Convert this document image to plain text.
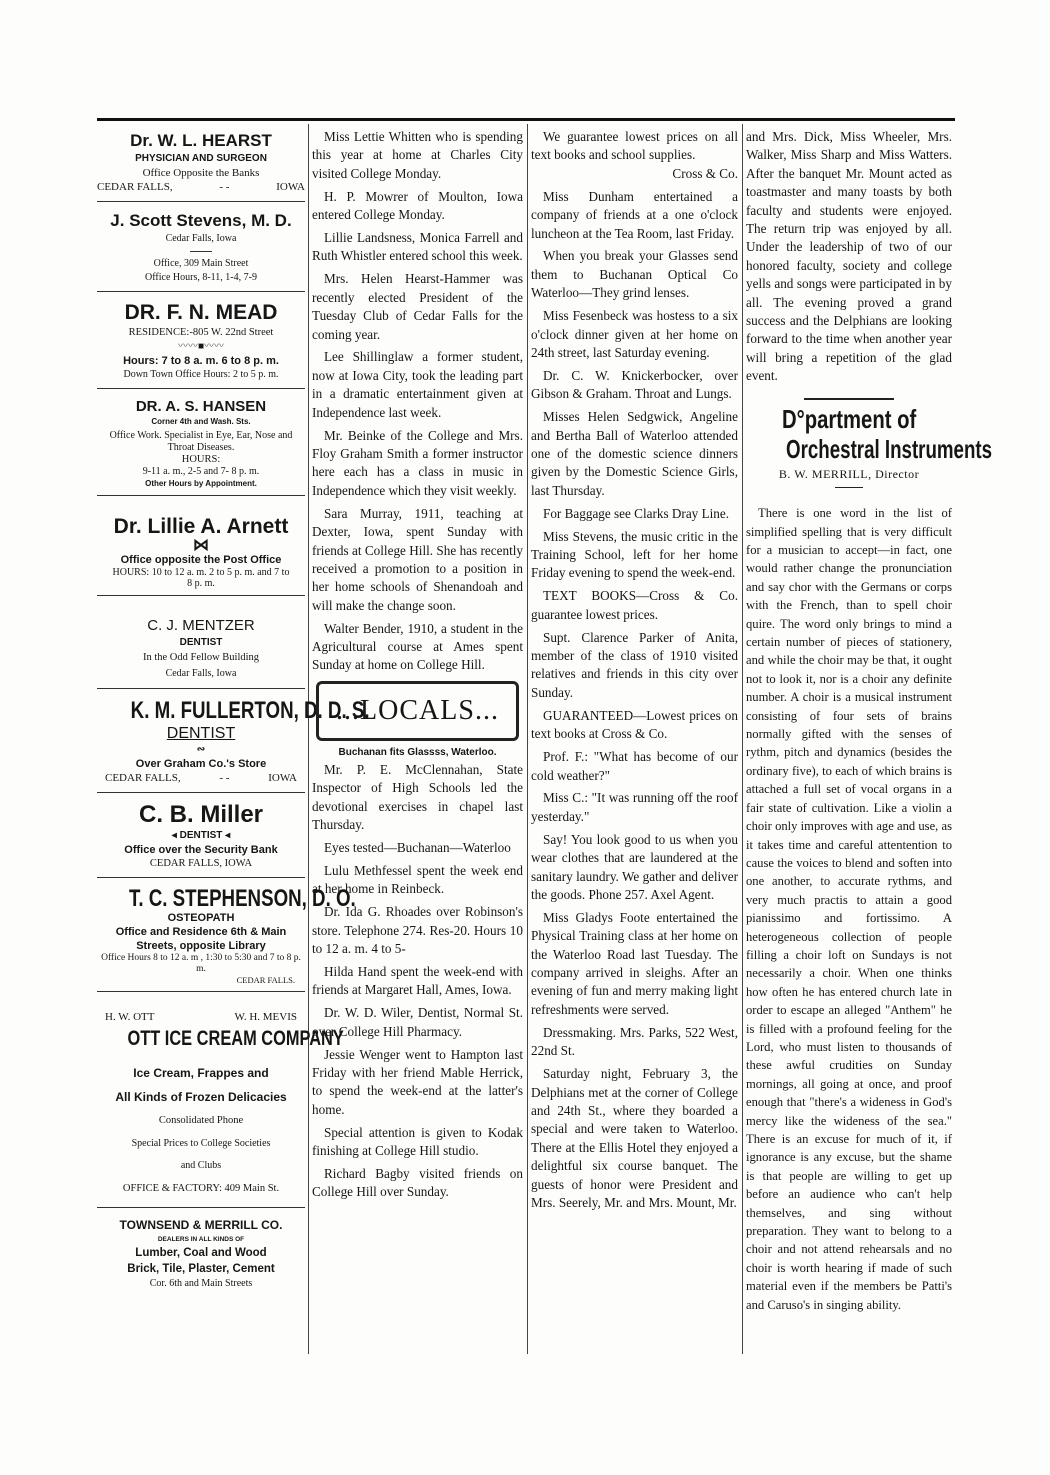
Dr. W. L. HEARST
PHYSICIAN AND SURGEON
Office Opposite the Banks
CEDAR FALLS,	- -	IOWA
J. Scott Stevens, M. D.
Cedar Falls, Iowa
Office, 309 Main Street
Office Hours, 8-11, 1-4, 7-9
DR. F. N. MEAD
RESIDENCE:-805 W. 22nd Street
〰〰■〰〰
Hours: 7 to 8 a. m. 6 to 8 p. m.
Down Town Office Hours: 2 to 5 p. m.
DR. A. S. HANSEN
Corner 4th and Wash. Sts.
Office Work. Specialist in Eye, Ear, Nose and Throat Diseases.
HOURS:
9-11 a. m., 2-5 and 7- 8 p. m.
Other Hours by Appointment.
Dr. Lillie A. Arnett
⋈
Office opposite the Post Office
HOURS: 10 to 12 a. m. 2 to 5 p. m. and 7 to 8 p. m.
C. J. MENTZER
DENTIST
In the Odd Fellow Building
Cedar Falls, Iowa
K. M. FULLERTON, D. D. S.
DENTIST
∾
Over Graham Co.'s Store
CEDAR FALLS,	- -	IOWA
C. B. Miller
◂ DENTIST ◂
Office over the Security Bank
CEDAR FALLS, IOWA
T. C. STEPHENSON, D. O.
OSTEOPATH
Office and Residence 6th & Main Streets, opposite Library
Office Hours 8 to 12 a. m , 1:30 to 5:30 and 7 to 8 p. m.
CEDAR FALLS.
H. W. OTT	W. H. MEVIS
OTT ICE CREAM COMPANY
Ice Cream, Frappes and
All Kinds of Frozen Delicacies
Consolidated Phone
Special Prices to College Societies
and Clubs
OFFICE & FACTORY: 409 Main St.
TOWNSEND & MERRILL CO.
DEALERS IN ALL KINDS OF
Lumber, Coal and Wood
Brick, Tile, Plaster, Cement
Cor. 6th and Main Streets

Miss Lettie Whitten who is spending this year at home at Charles City visited College Monday.

H. P. Mowrer of Moulton, Iowa entered College Monday.

Lillie Landsness, Monica Farrell and Ruth Whistler entered school this week.

Mrs. Helen Hearst-Hammer was recently elected President of the Tuesday Club of Cedar Falls for the coming year.

Lee Shillinglaw a former student, now at Iowa City, took the leading part in a dramatic entertainment given at Independence last week.

Mr. Beinke of the College and Mrs. Floy Graham Smith a former instructor here each has a class in music in Independence which they visit weekly.

Sara Murray, 1911, teaching at Dexter, Iowa, spent Sunday with friends at College Hill. She has recently received a promotion to a position in her home schools of Shenandoah and will make the change soon.

Walter Bender, 1910, a student in the Agricultural course at Ames spent Sunday at home on College Hill.

...LOCALS...
Buchanan fits Glassss, Waterloo.

Mr. P. E. McClennahan, State Inspector of High Schools led the devotional exercises in chapel last Thursday.

Eyes tested—Buchanan—Waterloo

Lulu Methfessel spent the week end at her home in Reinbeck.

Dr. Ida G. Rhoades over Robinson's store. Telephone 274. Res-20. Hours 10 to 12 a. m. 4 to 5-

Hilda Hand spent the week-end with friends at Margaret Hall, Ames, Iowa.

Dr. W. D. Wiler, Dentist, Normal St. over College Hill Pharmacy.

Jessie Wenger went to Hampton last Friday with her friend Mable Herrick, to spend the week-end at the latter's home.

Special attention is given to Kodak finishing at College Hill studio.

Richard Bagby visited friends on College Hill over Sunday.

We guarantee lowest prices on all text books and school supplies.

Cross & Co.

Miss Dunham entertained a company of friends at a one o'clock luncheon at the Tea Room, last Friday.

When you break your Glasses send them to Buchanan Optical Co Waterloo—They grind lenses.

Miss Fesenbeck was hostess to a six o'clock dinner given at her home on 24th street, last Saturday evening.

Dr. C. W. Knickerbocker, over Gibson & Graham. Throat and Lungs.

Misses Helen Sedgwick, Angeline and Bertha Ball of Waterloo attended one of the domestic science dinners given by the Domestic Science Girls, last Thursday.

For Baggage see Clarks Dray Line.

Miss Stevens, the music critic in the Training School, left for her home Friday evening to spend the week-end.

TEXT BOOKS—Cross & Co. guarantee lowest prices.

Supt. Clarence Parker of Anita, member of the class of 1910 visited relatives and friends in this city over Sunday.

GUARANTEED—Lowest prices on text books at Cross & Co.

Prof. F.: "What has become of our cold weather?"

Miss C.: "It was running off the roof yesterday."

Say! You look good to us when you wear clothes that are laundered at the sanitary laundry. We gather and deliver the goods. Phone 257. Axel Agent.

Miss Gladys Foote entertained the Physical Training class at her home on the Waterloo Road last Tuesday. The company arrived in sleighs. After an evening of fun and merry making light refreshments were served.

Dressmaking. Mrs. Parks, 522 West, 22nd St.

Saturday night, February 3, the Delphians met at the corner of College and 24th St., where they boarded a special and were taken to Waterloo. There at the Ellis Hotel they enjoyed a delightful six course banquet. The guests of honor were President and Mrs. Seerely, Mr. and Mrs. Mount, Mr.

and Mrs. Dick, Miss Wheeler, Mrs. Walker, Miss Sharp and Miss Watters. After the banquet Mr. Mount acted as toastmaster and many toasts by both faculty and students were enjoyed. The return trip was enjoyed by all. Under the leadership of two of our honored faculty, society and college yells and songs were participated in by all. The evening proved a grand success and the Delphians are looking forward to the time when another year will bring a repetition of the glad event.

D°partment of
Orchestral Instruments
B. W. MERRILL, Director

There is one word in the list of simplified spelling that is very difficult for a musician to accept—in fact, one would rather change the pronunciation and say chor with the Germans or corps with the French, than to spell choir quire. The word only brings to mind a certain number of pieces of stationery, and while the choir may be that, it ought not to look it, nor is a choir any definite number. A choir is a musical instrument consisting of four sets of brains normally gifted with the senses of rythm, pitch and dynamics (besides the ordinary five), to each of which brains is attached a full set of vocal organs in a fair state of cultivation. Like a violin a choir only improves with age and use, as it takes time and careful attentention to cause the voices to blend and soften into one another, to accurate rythms, and very much practis to attain a good pianissimo and fortissimo. A heterogeneous collection of people filling a choir loft on Sundays is not necessarily a choir. When one thinks how often he has entered church late in order to escape an alleged "Anthem" he is filled with a profound feeling for the Lord, who must listen to thousands of these awful crudities on Sunday mornings, all going at once, and proof enough that "there's a wideness in God's mercy like the wideness of the sea." There is an excuse for much of it, if ignorance is any excuse, but the shame is that people are willing to get up before an audience who can't help themselves, and sing without preparation. They want to belong to a choir and not attend rehearsals and no choir is worth hearing if made of such material even if the members be Patti's and Caruso's in singing ability.
